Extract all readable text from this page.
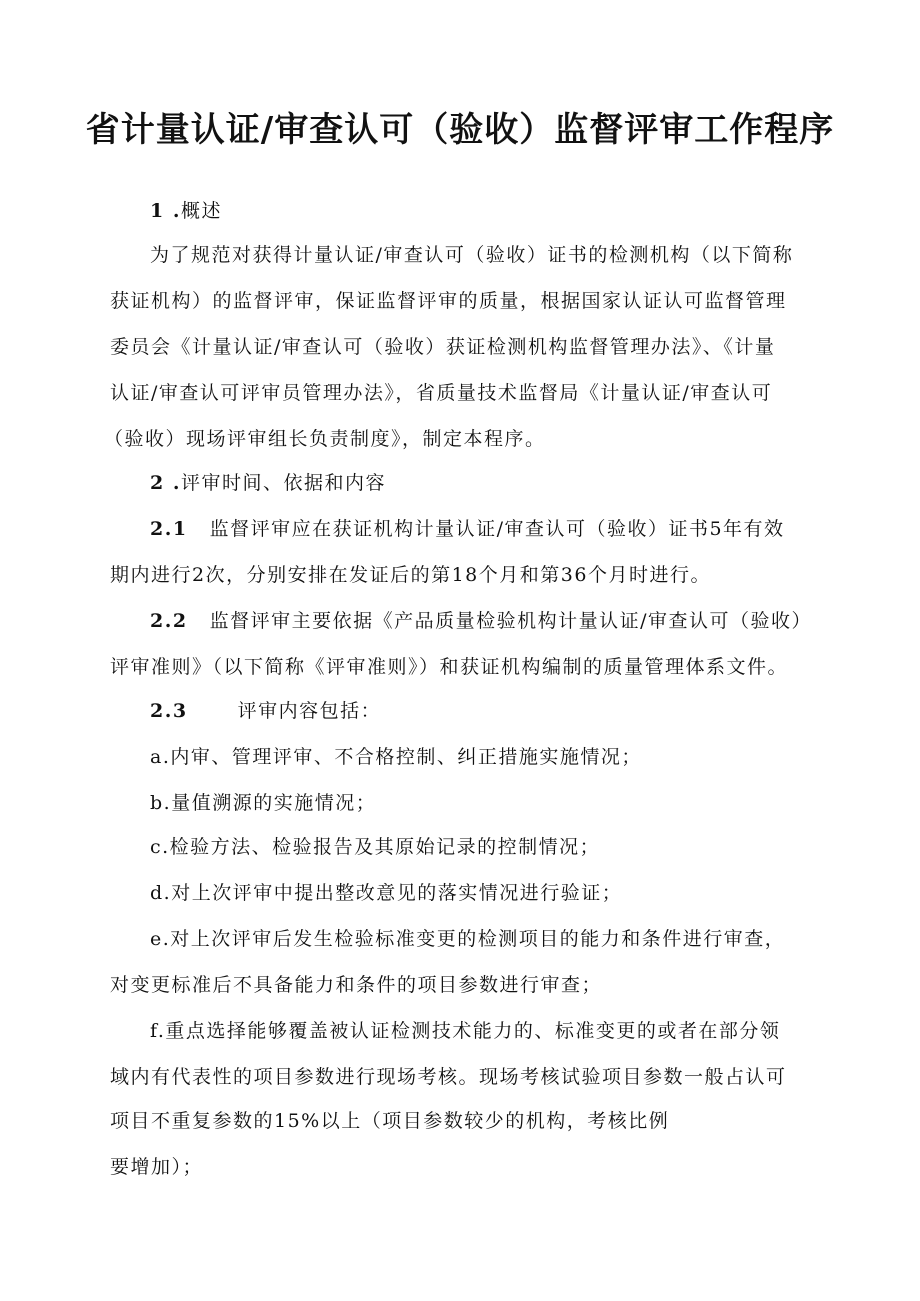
省计量认证/审查认可（验收）监督评审工作程序
1 .概述
为了规范对获得计量认证/审查认可（验收）证书的检测机构（以下简称
获证机构）的监督评审，保证监督评审的质量，根据国家认证认可监督管理
委员会《计量认证/审查认可（验收）获证检测机构监督管理办法》、《计量
认证/审查认可评审员管理办法》，省质量技术监督局《计量认证/审查认可
（验收）现场评审组长负责制度》，制定本程序。
2 .评审时间、依据和内容
2.1 监督评审应在获证机构计量认证/审查认可（验收）证书5年有效
期内进行2次，分别安排在发证后的第18个月和第36个月时进行。
2.2 监督评审主要依据《产品质量检验机构计量认证/审查认可（验收）
评审准则》（以下简称《评审准则》）和获证机构编制的质量管理体系文件。
2.3	评审内容包括：
a.内审、管理评审、不合格控制、纠正措施实施情况；
b.量值溯源的实施情况；
c.检验方法、检验报告及其原始记录的控制情况；
d.对上次评审中提出整改意见的落实情况进行验证；
e.对上次评审后发生检验标准变更的检测项目的能力和条件进行审查，
对变更标准后不具备能力和条件的项目参数进行审查；
f.重点选择能够覆盖被认证检测技术能力的、标准变更的或者在部分领
域内有代表性的项目参数进行现场考核。现场考核试验项目参数一般占认可
项目不重复参数的15%以上（项目参数较少的机构，考核比例
要增加）；
